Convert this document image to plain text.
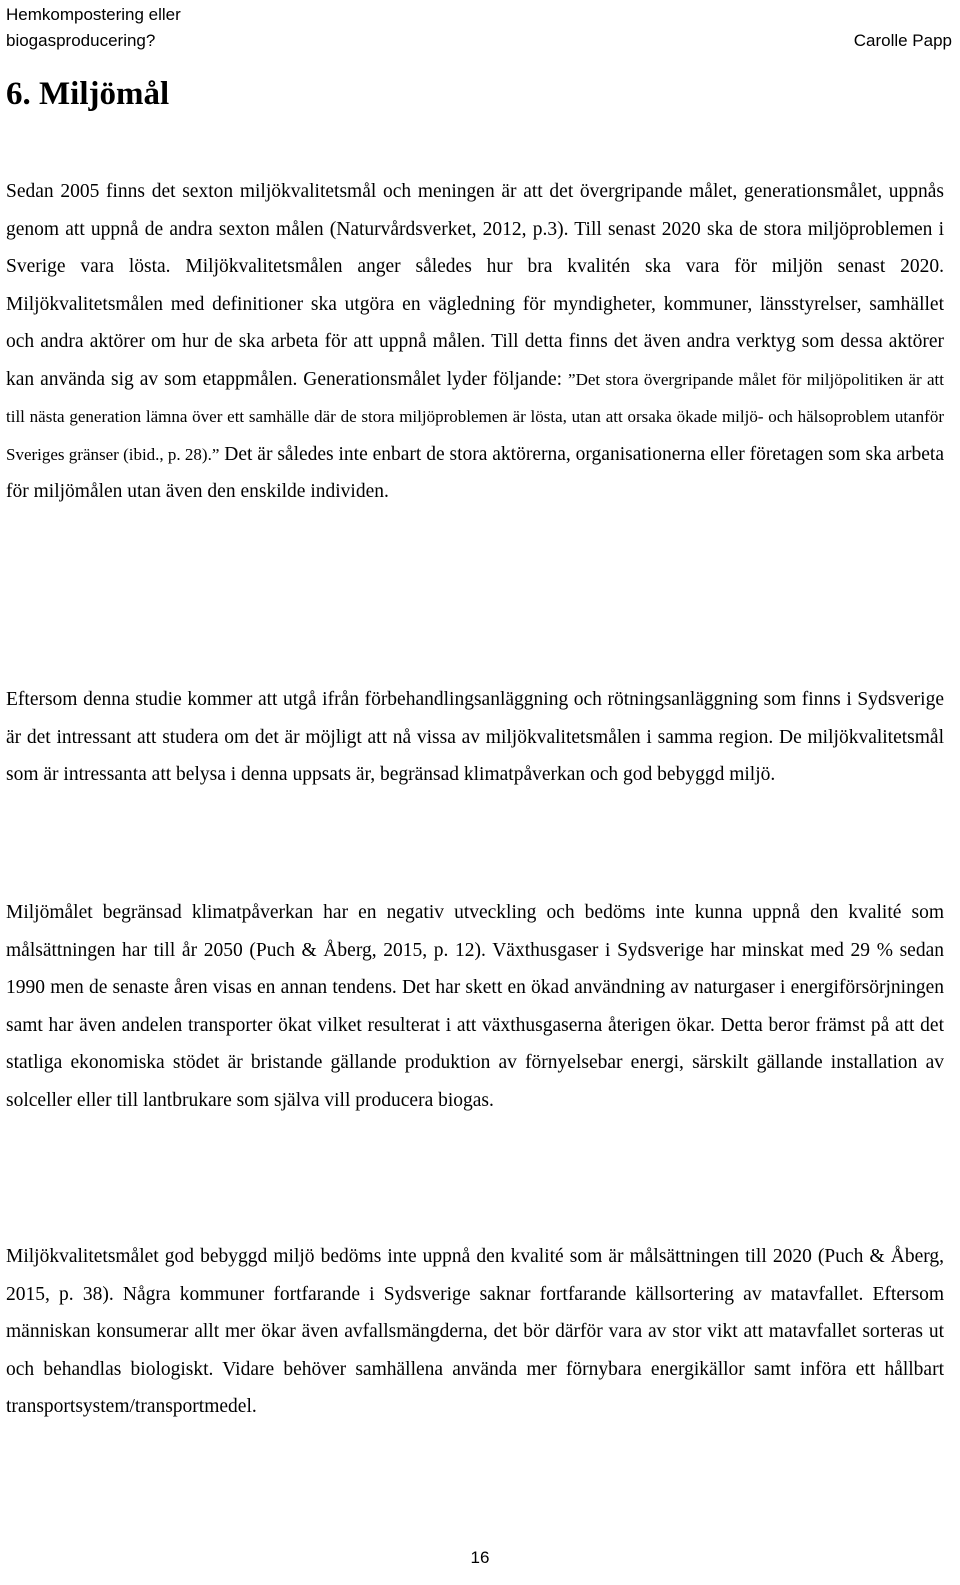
Hemkompostering eller biogasproducering?	Carolle Papp
6. Miljömål

Sedan 2005 finns det sexton miljökvalitetsmål och meningen är att det övergripande målet, generationsmålet, uppnås genom att uppnå de andra sexton målen (Naturvårdsverket, 2012, p.3). Till senast 2020 ska de stora miljöproblemen i Sverige vara lösta. Miljökvalitetsmålen anger således hur bra kvalitén ska vara för miljön senast 2020. Miljökvalitetsmålen med definitioner ska utgöra en vägledning för myndigheter, kommuner, länsstyrelser, samhället och andra aktörer om hur de ska arbeta för att uppnå målen. Till detta finns det även andra verktyg som dessa aktörer kan använda sig av som etappmålen. Generationsmålet lyder följande: ”Det stora övergripande målet för miljöpolitiken är att till nästa generation lämna över ett samhälle där de stora miljöproblemen är lösta, utan att orsaka ökade miljö- och hälsoproblem utanför Sveriges gränser (ibid., p. 28).” Det är således inte enbart de stora aktörerna, organisationerna eller företagen som ska arbeta för miljömålen utan även den enskilde individen.

Eftersom denna studie kommer att utgå ifrån förbehandlingsanläggning och rötningsanläggning som finns i Sydsverige är det intressant att studera om det är möjligt att nå vissa av miljökvalitetsmålen i samma region. De miljökvalitetsmål som är intressanta att belysa i denna uppsats är, begränsad klimatpåverkan och god bebyggd miljö.

Miljömålet begränsad klimatpåverkan har en negativ utveckling och bedöms inte kunna uppnå den kvalité som målsättningen har till år 2050 (Puch & Åberg, 2015, p. 12). Växthusgaser i Sydsverige har minskat med 29 % sedan 1990 men de senaste åren visas en annan tendens. Det har skett en ökad användning av naturgaser i energiförsörjningen samt har även andelen transporter ökat vilket resulterat i att växthusgaserna återigen ökar. Detta beror främst på att det statliga ekonomiska stödet är bristande gällande produktion av förnyelsebar energi, särskilt gällande installation av solceller eller till lantbrukare som själva vill producera biogas.

Miljökvalitetsmålet god bebyggd miljö bedöms inte uppnå den kvalité som är målsättningen till 2020 (Puch & Åberg, 2015, p. 38). Några kommuner fortfarande i Sydsverige saknar fortfarande källsortering av matavfallet. Eftersom människan konsumerar allt mer ökar även avfallsmängderna, det bör därför vara av stor vikt att matavfallet sorteras ut och behandlas biologiskt. Vidare behöver samhällena använda mer förnybara energikällor samt införa ett hållbart transportsystem/transportmedel.

16
